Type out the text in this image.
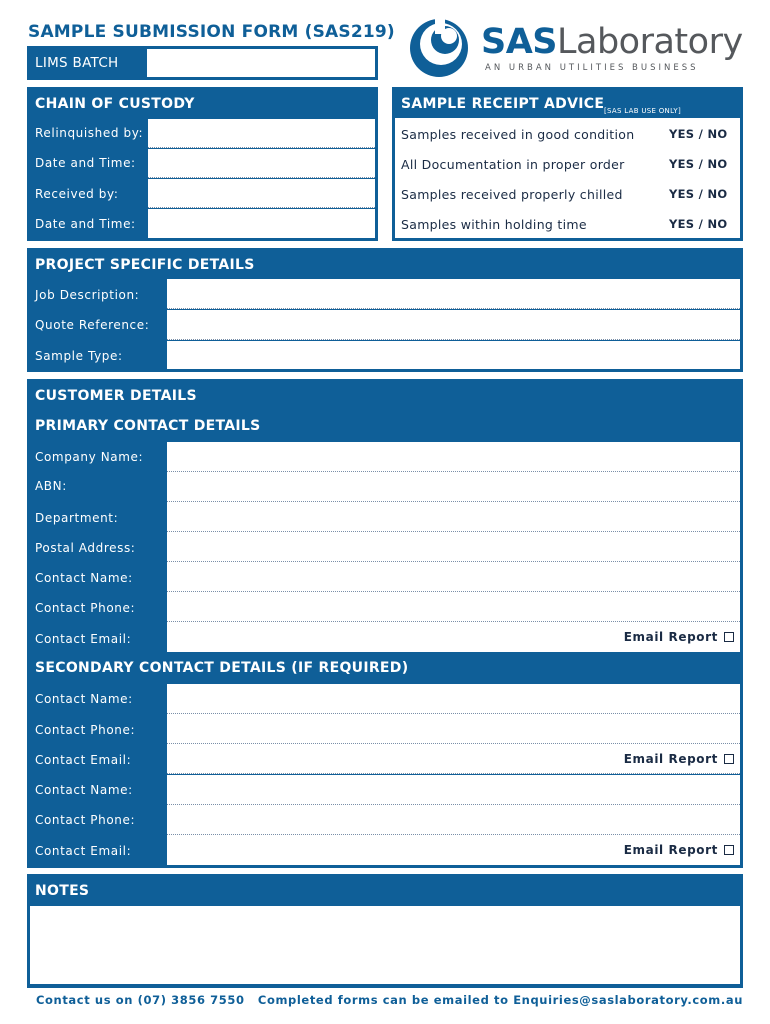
SAMPLE SUBMISSION FORM (SAS219) SASLaboratory
AN URBAN UTILITIES BUSINESS
LIMS BATCH
CHAIN OF CUSTODY
Relinquished by:
Date and Time:
Received by:
Date and Time:
SAMPLE RECEIPT ADVICE [SAS LAB USE ONLY]
Samples received in good condition	YES / NO
All Documentation in proper order	YES / NO
Samples received properly chilled	YES / NO
Samples within holding time	YES / NO
PROJECT SPECIFIC DETAILS
Job Description:
Quote Reference:
Sample Type:
CUSTOMER DETAILS
PRIMARY CONTACT DETAILS
Company Name:
ABN:
Department:
Postal Address:
Contact Name:
Contact Phone:
Contact Email:	Email Report
SECONDARY CONTACT DETAILS (IF REQUIRED)
Contact Name:
Contact Phone:
Contact Email:	Email Report
Contact Name:
Contact Phone:
Contact Email:	Email Report
NOTES
Contact us on (07) 3856 7550 Completed forms can be emailed to Enquiries@saslaboratory.com.au
